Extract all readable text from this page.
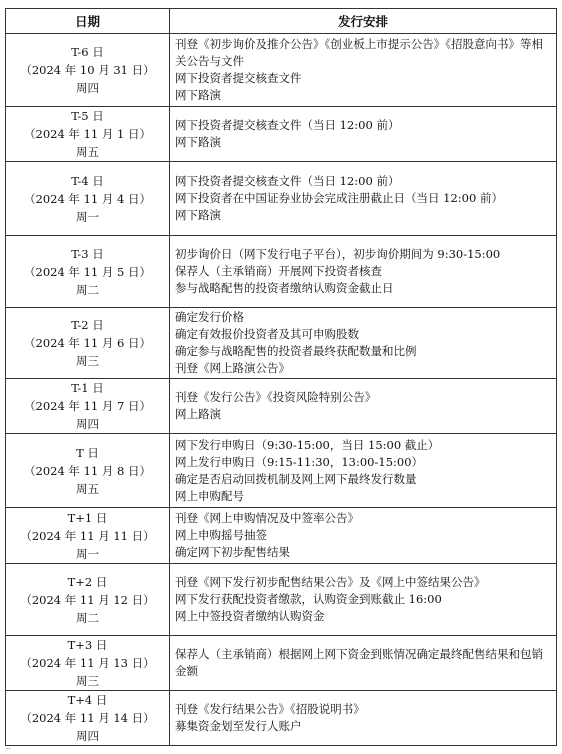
日期	发行安排

T-6 日
（2024 年 10 月 31 日）
周四	刊登《初步询价及推介公告》《创业板上市提示公告》《招股意向书》等相关公告与文件
网下投资者提交核查文件
网下路演

T-5 日
（2024 年 11 月 1 日）
周五	网下投资者提交核查文件（当日 12:00 前）
网下路演

T-4 日
（2024 年 11 月 4 日）
周一	网下投资者提交核查文件（当日 12:00 前）
网下投资者在中国证券业协会完成注册截止日（当日 12:00 前）
网下路演

T-3 日
（2024 年 11 月 5 日）
周二	初步询价日（网下发行电子平台），初步询价期间为 9:30-15:00
保荐人（主承销商）开展网下投资者核查
参与战略配售的投资者缴纳认购资金截止日

T-2 日
（2024 年 11 月 6 日）
周三	确定发行价格
确定有效报价投资者及其可申购股数
确定参与战略配售的投资者最终获配数量和比例
刊登《网上路演公告》

T-1 日
（2024 年 11 月 7 日）
周四	刊登《发行公告》《投资风险特别公告》
网上路演

T 日
（2024 年 11 月 8 日）
周五	网下发行申购日（9:30-15:00，当日 15:00 截止）
网上发行申购日（9:15-11:30，13:00-15:00）
确定是否启动回拨机制及网上网下最终发行数量
网上申购配号

T+1 日
（2024 年 11 月 11 日）
周一	刊登《网上申购情况及中签率公告》
网上申购摇号抽签
确定网下初步配售结果

T+2 日
（2024 年 11 月 12 日）
周二	刊登《网下发行初步配售结果公告》及《网上中签结果公告》
网下发行获配投资者缴款，认购资金到账截止 16:00
网上中签投资者缴纳认购资金

T+3 日
（2024 年 11 月 13 日）
周三	保荐人（主承销商）根据网上网下资金到账情况确定最终配售结果和包销金额

T+4 日
（2024 年 11 月 14 日）
周四	刊登《发行结果公告》《招股说明书》
募集资金划至发行人账户
··
